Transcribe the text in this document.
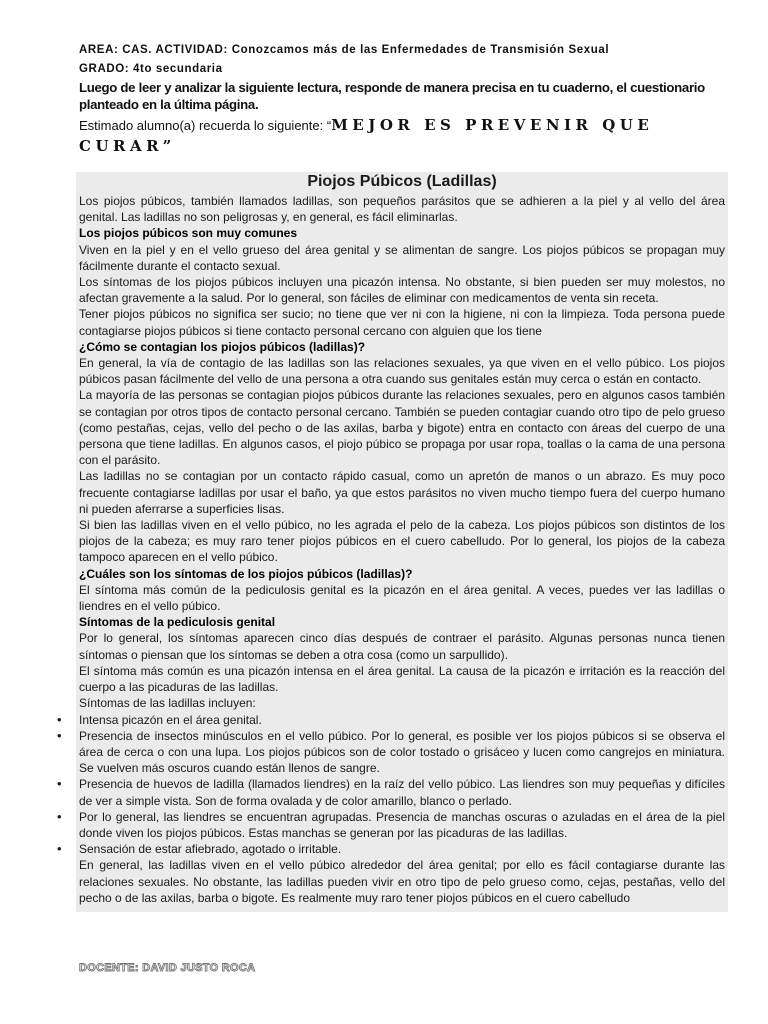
AREA: CAS. ACTIVIDAD: Conozcamos más de las Enfermedades de Transmisión Sexual
GRADO: 4to secundaria
Luego de leer y analizar la siguiente lectura, responde de manera precisa en tu cuaderno, el cuestionario planteado en la última página.
Estimado alumno(a) recuerda lo siguiente: “MEJOR ES PREVENIR QUE CURAR”
Piojos Púbicos (Ladillas)

Los piojos púbicos, también llamados ladillas, son pequeños parásitos que se adhieren a la piel y al vello del área genital. Las ladillas no son peligrosas y, en general, es fácil eliminarlas.

Los piojos púbicos son muy comunes

Viven en la piel y en el vello grueso del área genital y se alimentan de sangre. Los piojos púbicos se propagan muy fácilmente durante el contacto sexual.

Los síntomas de los piojos púbicos incluyen una picazón intensa. No obstante, si bien pueden ser muy molestos, no afectan gravemente a la salud. Por lo general, son fáciles de eliminar con medicamentos de venta sin receta.

Tener piojos púbicos no significa ser sucio; no tiene que ver ni con la higiene, ni con la limpieza. Toda persona puede contagiarse piojos púbicos si tiene contacto personal cercano con alguien que los tiene

¿Cómo se contagian los piojos púbicos (ladillas)?

En general, la vía de contagio de las ladillas son las relaciones sexuales, ya que viven en el vello púbico. Los piojos púbicos pasan fácilmente del vello de una persona a otra cuando sus genitales están muy cerca o están en contacto.

La mayoría de las personas se contagian piojos púbicos durante las relaciones sexuales, pero en algunos casos también se contagian por otros tipos de contacto personal cercano. También se pueden contagiar cuando otro tipo de pelo grueso (como pestañas, cejas, vello del pecho o de las axilas, barba y bigote) entra en contacto con áreas del cuerpo de una persona que tiene ladillas. En algunos casos, el piojo púbico se propaga por usar ropa, toallas o la cama de una persona con el parásito.

Las ladillas no se contagian por un contacto rápido casual, como un apretón de manos o un abrazo. Es muy poco frecuente contagiarse ladillas por usar el baño, ya que estos parásitos no viven mucho tiempo fuera del cuerpo humano ni pueden aferrarse a superficies lisas.

Si bien las ladillas viven en el vello púbico, no les agrada el pelo de la cabeza. Los piojos púbicos son distintos de los piojos de la cabeza; es muy raro tener piojos púbicos en el cuero cabelludo. Por lo general, los piojos de la cabeza tampoco aparecen en el vello púbico.

¿Cuáles son los síntomas de los piojos púbicos (ladillas)?

El síntoma más común de la pediculosis genital es la picazón en el área genital. A veces, puedes ver las ladillas o liendres en el vello púbico.

Síntomas de la pediculosis genital

Por lo general, los síntomas aparecen cinco días después de contraer el parásito. Algunas personas nunca tienen síntomas o piensan que los síntomas se deben a otra cosa (como un sarpullido).

El síntoma más común es una picazón intensa en el área genital. La causa de la picazón e irritación es la reacción del cuerpo a las picaduras de las ladillas.

Síntomas de las ladillas incluyen:

• Intensa picazón en el área genital.
• Presencia de insectos minúsculos en el vello púbico. Por lo general, es posible ver los piojos púbicos si se observa el área de cerca o con una lupa. Los piojos púbicos son de color tostado o grisáceo y lucen como cangrejos en miniatura. Se vuelven más oscuros cuando están llenos de sangre.
• Presencia de huevos de ladilla (llamados liendres) en la raíz del vello púbico. Las liendres son muy pequeñas y difíciles de ver a simple vista. Son de forma ovalada y de color amarillo, blanco o perlado.
• Por lo general, las liendres se encuentran agrupadas. Presencia de manchas oscuras o azuladas en el área de la piel donde viven los piojos púbicos. Estas manchas se generan por las picaduras de las ladillas.
• Sensación de estar afiebrado, agotado o irritable.

En general, las ladillas viven en el vello púbico alrededor del área genital; por ello es fácil contagiarse durante las relaciones sexuales. No obstante, las ladillas pueden vivir en otro tipo de pelo grueso como, cejas, pestañas, vello del pecho o de las axilas, barba o bigote. Es realmente muy raro tener piojos púbicos en el cuero cabelludo

DOCENTE: DAVID JUSTO ROCA
